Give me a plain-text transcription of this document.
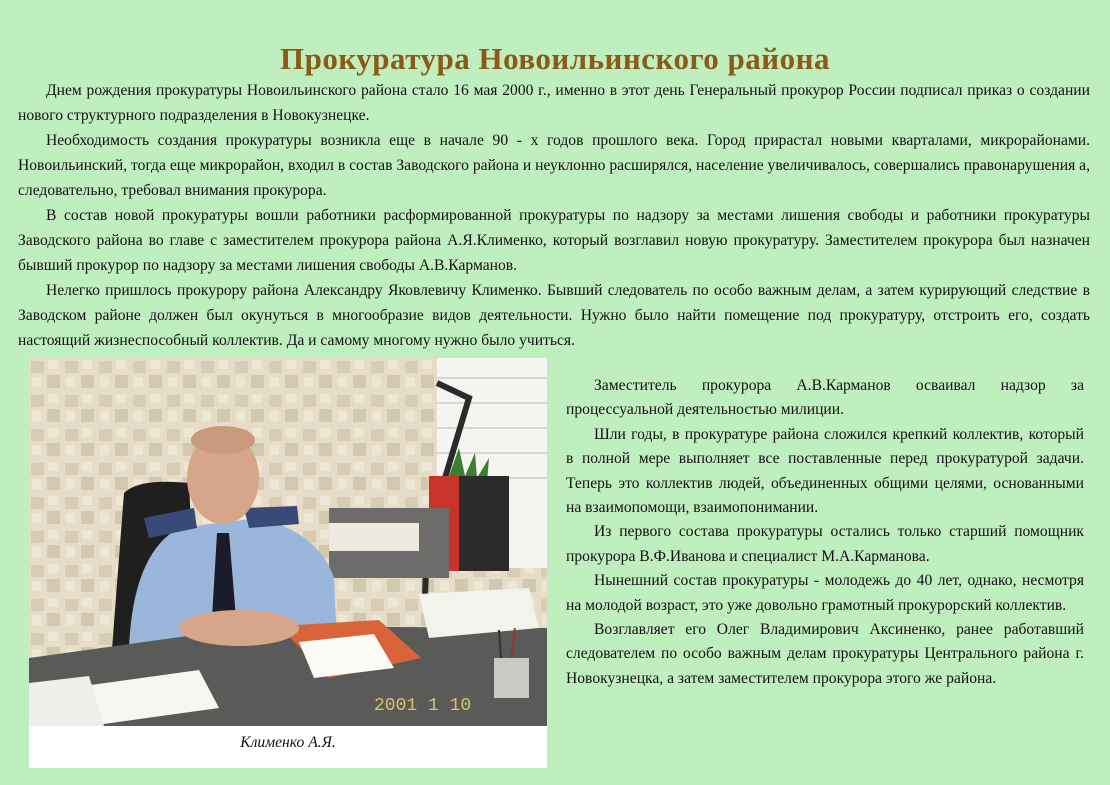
Прокуратура Новоильинского района

Днем рождения прокуратуры Новоильинского района стало 16 мая 2000 г., именно в этот день Генеральный прокурор России подписал приказ о создании нового структурного подразделения в Новокузнецке.

Необходимость создания прокуратуры возникла еще в начале 90 - х годов прошлого века. Город прирастал новыми кварталами, микрорайонами. Новоильинский, тогда еще микрорайон, входил в состав Заводского района и неуклонно расширялся, население увеличивалось, совершались правонарушения а, следовательно, требовал внимания прокурора.

В состав новой прокуратуры вошли работники расформированной прокуратуры по надзору за местами лишения свободы и работники прокуратуры Заводского района во главе с заместителем прокурора района А.Я.Клименко, который возглавил новую прокуратуру. Заместителем прокурора был назначен бывший прокурор по надзору за местами лишения свободы А.В.Карманов.

Нелегко пришлось прокурору района Александру Яковлевичу Клименко. Бывший следователь по особо важным делам, а затем курирующий следствие в Заводском районе должен был окунуться в многообразие видов деятельности. Нужно было найти помещение под прокуратуру, отстроить его, создать настоящий жизнеспособный коллектив. Да и самому многому нужно было учиться.

2001 1 10
Клименко А.Я.

Заместитель прокурора А.В.Карманов осваивал надзор за процессуальной деятельностью милиции.

Шли годы, в прокуратуре района сложился крепкий коллектив, который в полной мере выполняет все поставленные перед прокуратурой задачи. Теперь это коллектив людей, объединенных общими целями, основанными на взаимопомощи, взаимопонимании.

Из первого состава прокуратуры остались только старший помощник прокурора В.Ф.Иванова и специалист М.А.Карманова.

Нынешний состав прокуратуры - молодежь до 40 лет, однако, несмотря на молодой возраст, это уже довольно грамотный прокурорский коллектив.

Возглавляет его Олег Владимирович Аксиненко, ранее работавший следователем по особо важным делам прокуратуры Центрального района г. Новокузнецка, а затем заместителем прокурора этого же района.
